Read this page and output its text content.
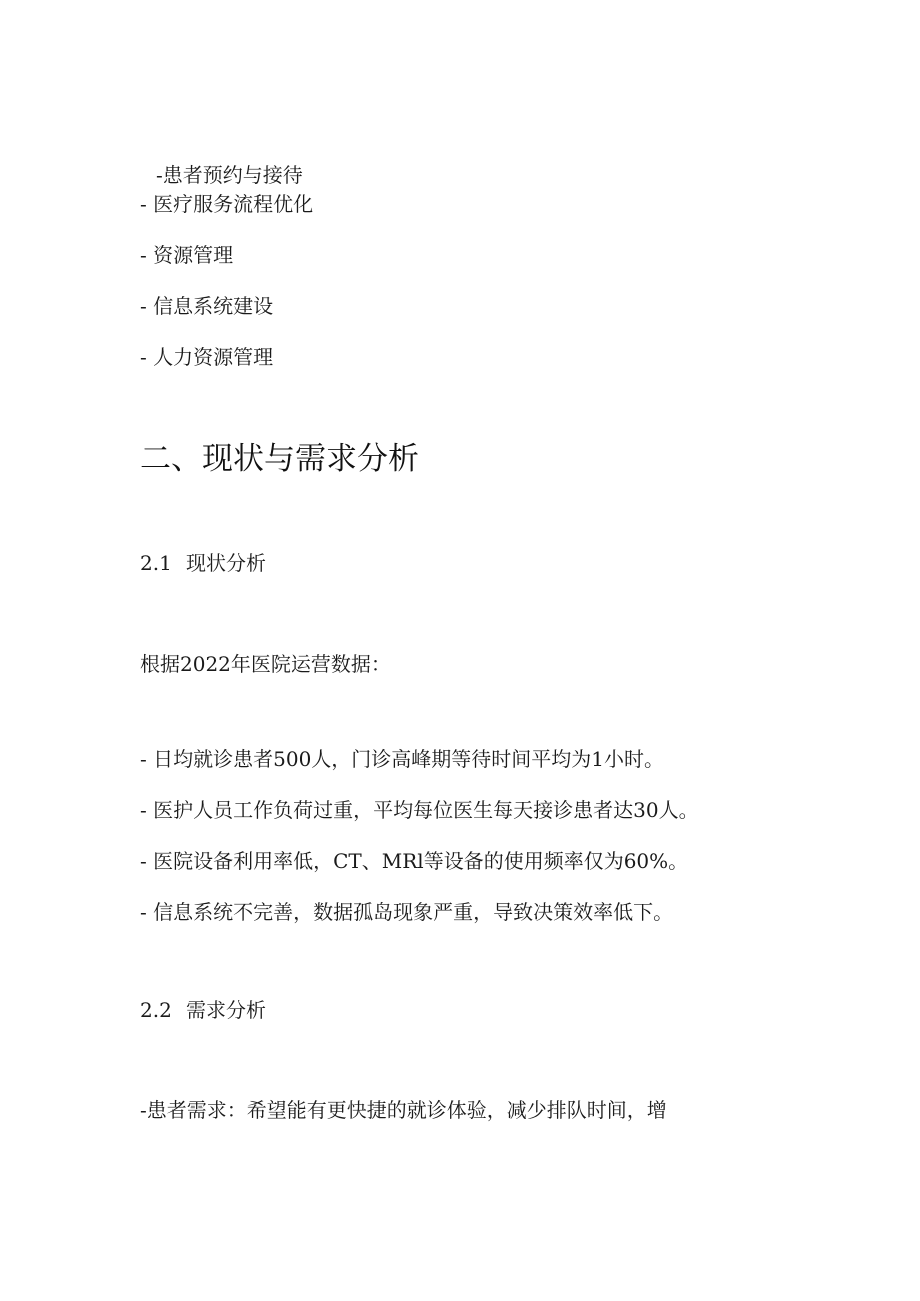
-患者预约与接待
- 医疗服务流程优化
- 资源管理
- 信息系统建设
- 人力资源管理
二、现状与需求分析
2.1 现状分析
根据2022年医院运营数据：
- 日均就诊患者500人，门诊高峰期等待时间平均为1小时。
- 医护人员工作负荷过重，平均每位医生每天接诊患者达30人。
- 医院设备利用率低，CT、MRl等设备的使用频率仅为60%。
- 信息系统不完善，数据孤岛现象严重，导致决策效率低下。
2.2 需求分析
-患者需求：希望能有更快捷的就诊体验，减少排队时间，增
